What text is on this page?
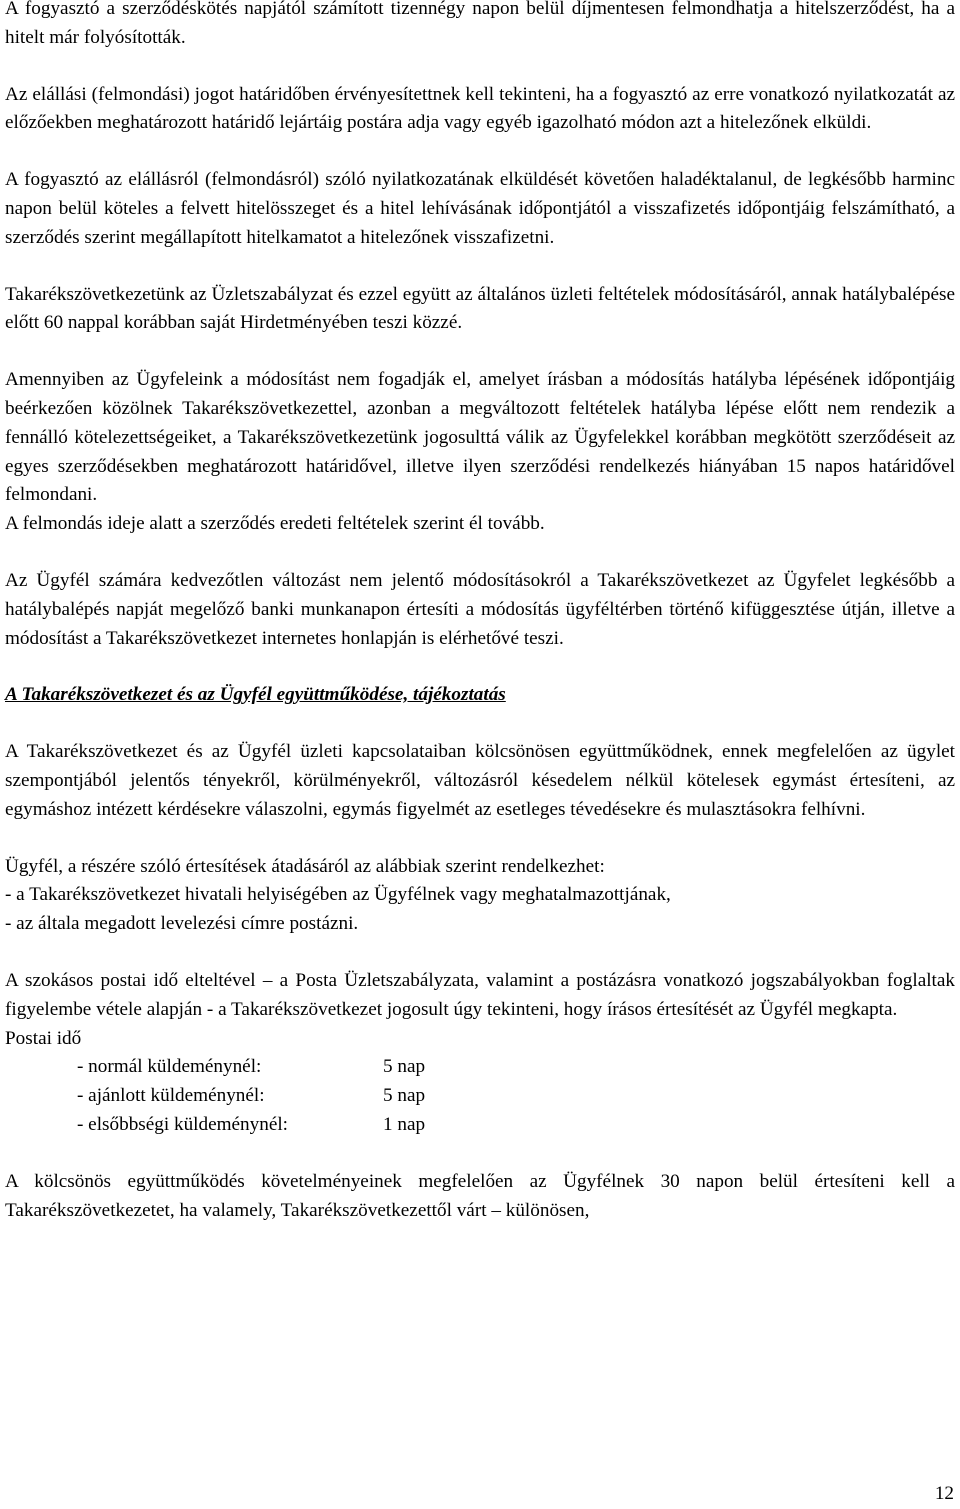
A fogyasztó a szerződéskötés napjától számított tizennégy napon belül díjmentesen felmondhatja a hitelszerződést, ha a hitelt már folyósították.

Az elállási (felmondási) jogot határidőben érvényesítettnek kell tekinteni, ha a fogyasztó az erre vonatkozó nyilatkozatát az előzőekben meghatározott határidő lejártáig postára adja vagy egyéb igazolható módon azt a hitelezőnek elküldi.

A fogyasztó az elállásról (felmondásról) szóló nyilatkozatának elküldését követően haladéktalanul, de legkésőbb harminc napon belül köteles a felvett hitelösszeget és a hitel lehívásának időpontjától a visszafizetés időpontjáig felszámítható, a szerződés szerint megállapított hitelkamatot a hitelezőnek visszafizetni.

Takarékszövetkezetünk az Üzletszabályzat és ezzel együtt az általános üzleti feltételek módosításáról, annak hatálybalépése előtt 60 nappal korábban saját Hirdetményében teszi közzé.

Amennyiben az Ügyfeleink a módosítást nem fogadják el, amelyet írásban a módosítás hatályba lépésének időpontjáig beérkezően közölnek Takarékszövetkezettel, azonban a megváltozott feltételek hatályba lépése előtt nem rendezik a fennálló kötelezettségeiket, a Takarékszövetkezetünk jogosulttá válik az Ügyfelekkel korábban megkötött szerződéseit az egyes szerződésekben meghatározott határidővel, illetve ilyen szerződési rendelkezés hiányában 15 napos határidővel felmondani.

A felmondás ideje alatt a szerződés eredeti feltételek szerint él tovább.

Az Ügyfél számára kedvezőtlen változást nem jelentő módosításokról a Takarékszövetkezet az Ügyfelet legkésőbb a hatálybalépés napját megelőző banki munkanapon értesíti a módosítás ügyféltérben történő kifüggesztése útján, illetve a módosítást a Takarékszövetkezet internetes honlapján is elérhetővé teszi.

A Takarékszövetkezet és az Ügyfél együttműködése, tájékoztatás

A Takarékszövetkezet és az Ügyfél üzleti kapcsolataiban kölcsönösen együttműködnek, ennek megfelelően az ügylet szempontjából jelentős tényekről, körülményekről, változásról késedelem nélkül kötelesek egymást értesíteni, az egymáshoz intézett kérdésekre válaszolni, egymás figyelmét az esetleges tévedésekre és mulasztásokra felhívni.

Ügyfél, a részére szóló értesítések átadásáról az alábbiak szerint rendelkezhet:

- a Takarékszövetkezet hivatali helyiségében az Ügyfélnek vagy meghatalmazottjának,

- az általa megadott levelezési címre postázni.

A szokásos postai idő elteltével – a Posta Üzletszabályzata, valamint a postázásra vonatkozó jogszabályokban foglaltak figyelembe vétele alapján - a Takarékszövetkezet jogosult úgy tekinteni, hogy írásos értesítését az Ügyfél megkapta.

Postai idő

- normál küldeménynél:	5 nap
- ajánlott küldeménynél:	5 nap
- elsőbbségi küldeménynél:	1 nap

A kölcsönös együttműködés követelményeinek megfelelően az Ügyfélnek 30 napon belül értesíteni kell a Takarékszövetkezetet, ha valamely, Takarékszövetkezettől várt – különösen,

12
